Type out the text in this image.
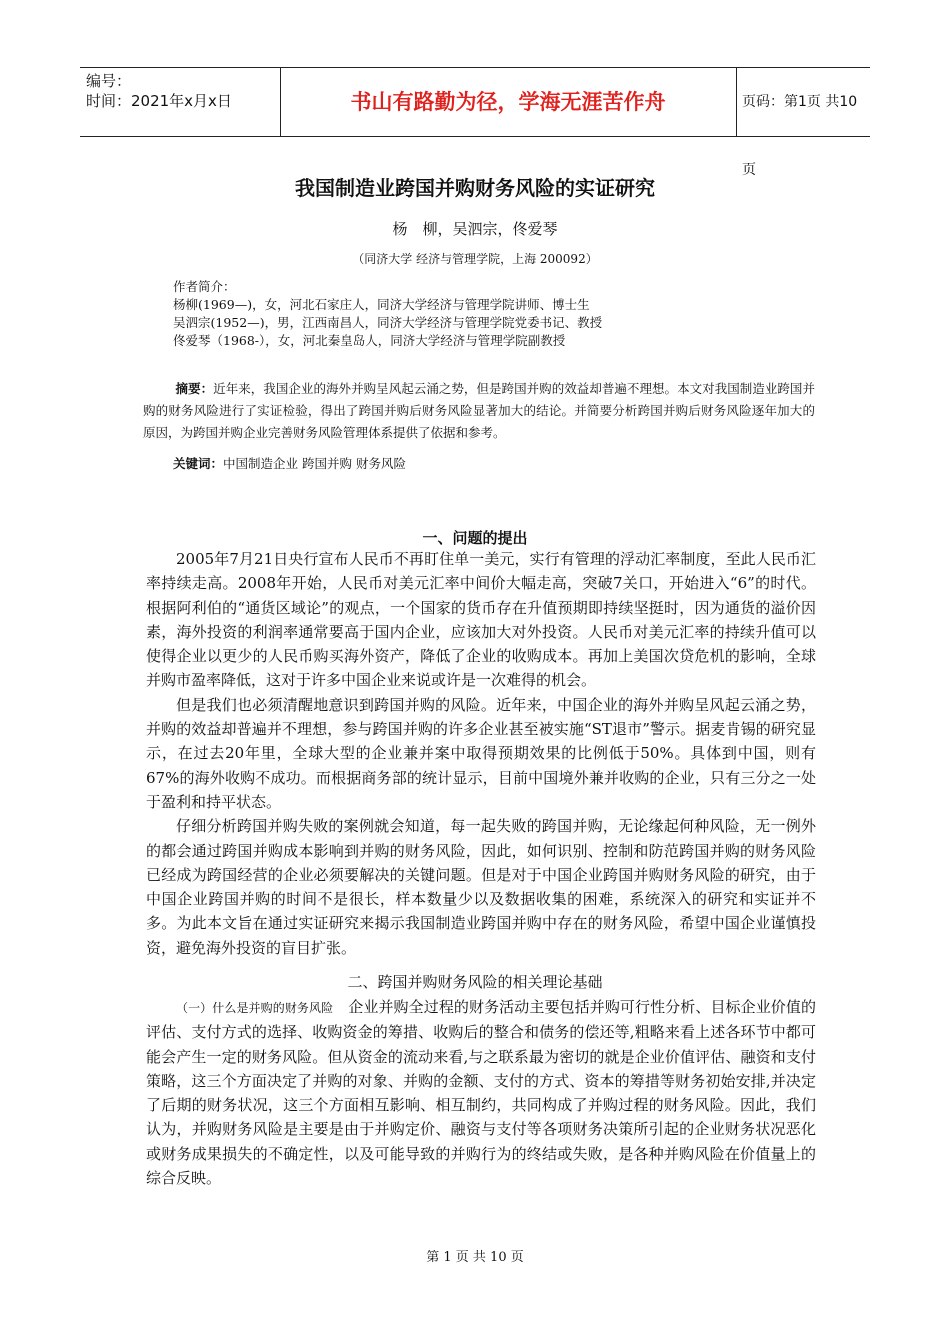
编号：
时间：2021年x月x日	书山有路勤为径，学海无涯苦作舟	页码：第1页 共10页
我国制造业跨国并购财务风险的实证研究
杨　柳，吴泗宗，佟爱琴
（同济大学 经济与管理学院，上海 200092）
作者简介：
杨柳(1969—)，女，河北石家庄人，同济大学经济与管理学院讲师、博士生
吴泗宗(1952—)，男，江西南昌人，同济大学经济与管理学院党委书记、教授
佟爱琴（1968-），女，河北秦皇岛人，同济大学经济与管理学院副教授
摘要：近年来，我国企业的海外并购呈风起云涌之势，但是跨国并购的效益却普遍不理想。本文对我国制造业跨国并购的财务风险进行了实证检验，得出了跨国并购后财务风险显著加大的结论。并简要分析跨国并购后财务风险逐年加大的原因，为跨国并购企业完善财务风险管理体系提供了依据和参考。
关键词：中国制造企业 跨国并购 财务风险
一、问题的提出

2005年7月21日央行宣布人民币不再盯住单一美元，实行有管理的浮动汇率制度，至此人民币汇率持续走高。2008年开始，人民币对美元汇率中间价大幅走高，突破7关口，开始进入“6”的时代。根据阿利伯的“通货区域论”的观点，一个国家的货币存在升值预期即持续坚挺时，因为通货的溢价因素，海外投资的利润率通常要高于国内企业，应该加大对外投资。人民币对美元汇率的持续升值可以使得企业以更少的人民币购买海外资产，降低了企业的收购成本。再加上美国次贷危机的影响，全球并购市盈率降低，这对于许多中国企业来说或许是一次难得的机会。

但是我们也必须清醒地意识到跨国并购的风险。近年来，中国企业的海外并购呈风起云涌之势，并购的效益却普遍并不理想，参与跨国并购的许多企业甚至被实施“ST退市”警示。据麦肯锡的研究显示，在过去20年里，全球大型的企业兼并案中取得预期效果的比例低于50%。具体到中国，则有67%的海外收购不成功。而根据商务部的统计显示，目前中国境外兼并收购的企业，只有三分之一处于盈利和持平状态。

仔细分析跨国并购失败的案例就会知道，每一起失败的跨国并购，无论缘起何种风险，无一例外的都会通过跨国并购成本影响到并购的财务风险，因此，如何识别、控制和防范跨国并购的财务风险已经成为跨国经营的企业必须要解决的关键问题。但是对于中国企业跨国并购财务风险的研究，由于中国企业跨国并购的时间不是很长，样本数量少以及数据收集的困难，系统深入的研究和实证并不多。为此本文旨在通过实证研究来揭示我国制造业跨国并购中存在的财务风险，希望中国企业谨慎投资，避免海外投资的盲目扩张。

二、跨国并购财务风险的相关理论基础

（一）什么是并购的财务风险 企业并购全过程的财务活动主要包括并购可行性分析、目标企业价值的评估、支付方式的选择、收购资金的筹措、收购后的整合和债务的偿还等,粗略来看上述各环节中都可能会产生一定的财务风险。但从资金的流动来看,与之联系最为密切的就是企业价值评估、融资和支付策略，这三个方面决定了并购的对象、并购的金额、支付的方式、资本的筹措等财务初始安排,并决定了后期的财务状况，这三个方面相互影响、相互制约，共同构成了并购过程的财务风险。因此，我们认为，并购财务风险是主要是由于并购定价、融资与支付等各项财务决策所引起的企业财务状况恶化或财务成果损失的不确定性，以及可能导致的并购行为的终结或失败，是各种并购风险在价值量上的综合反映。

第 1 页 共 10 页
